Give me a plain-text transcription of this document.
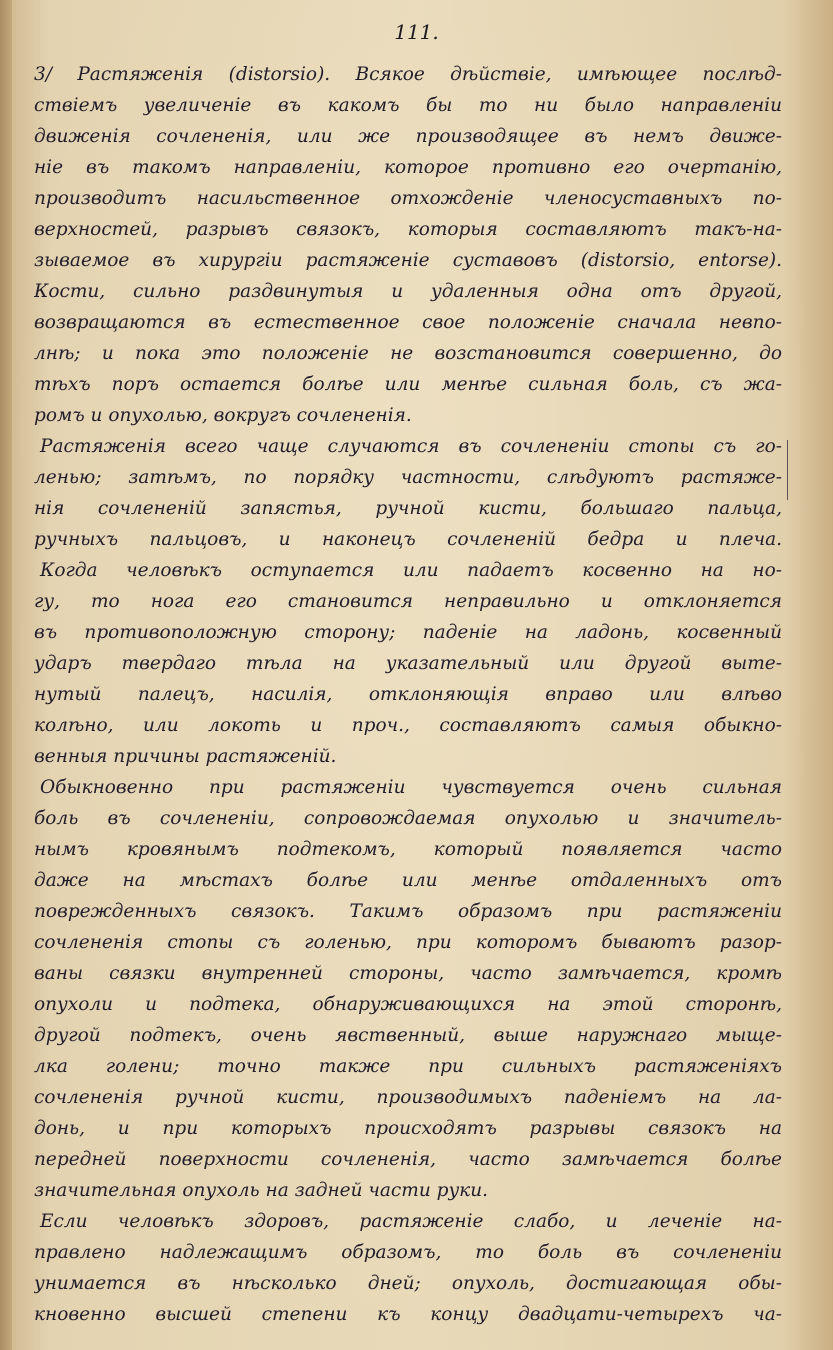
111.
3/ Растяженія (distorsio). Всякое дѣйствіе, имѣющее послѣд-
ствіемъ увеличеніе въ какомъ бы то ни было направленіи
движенія сочлененія, или же производящее въ немъ движе-
ніе въ такомъ направленіи, которое противно его очертанію,
производитъ насильственное отхожденіе членосуставныхъ по-
верхностей, разрывъ связокъ, которыя составляютъ такъ-на-
зываемое въ хирургіи растяженіе суставовъ (distorsio, entorse).
Кости, сильно раздвинутыя и удаленныя одна отъ другой,
возвращаются въ естественное свое положеніе сначала невпо-
лнѣ; и пока это положеніе не возстановится совершенно, до
тѣхъ поръ остается болѣе или менѣе сильная боль, съ жа-
ромъ и опухолью, вокругъ сочлененія.
Растяженія всего чаще случаются въ сочлененіи стопы съ го-
ленью; затѣмъ, по порядку частности, слѣдуютъ растяже-
нія сочлененій запястья, ручной кисти, большаго пальца,
ручныхъ пальцовъ, и наконецъ сочлененій бедра и плеча.
Когда человѣкъ оступается или падаетъ косвенно на но-
гу, то нога его становится неправильно и отклоняется
въ противоположную сторону; паденіе на ладонь, косвенный
ударъ твердаго тѣла на указательный или другой выте-
нутый палецъ, насилія, отклоняющія вправо или влѣво
колѣно, или локоть и проч., составляютъ самыя обыкно-
венныя причины растяженій.
Обыкновенно при растяженіи чувствуется очень сильная
боль въ сочлененіи, сопровождаемая опухолью и значитель-
нымъ кровянымъ подтекомъ, который появляется часто
даже на мѣстахъ болѣе или менѣе отдаленныхъ отъ
поврежденныхъ связокъ. Такимъ образомъ при растяженіи
сочлененія стопы съ голенью, при которомъ бываютъ разор-
ваны связки внутренней стороны, часто замѣчается, кромѣ
опухоли и подтека, обнаруживающихся на этой сторонѣ,
другой подтекъ, очень явственный, выше наружнаго мыще-
лка голени; точно также при сильныхъ растяженіяхъ
сочлененія ручной кисти, производимыхъ паденіемъ на ла-
донь, и при которыхъ происходятъ разрывы связокъ на
передней поверхности сочлененія, часто замѣчается болѣе
значительная опухоль на задней части руки.
Если человѣкъ здоровъ, растяженіе слабо, и леченіе на-
правлено надлежащимъ образомъ, то боль въ сочлененіи
унимается въ нѣсколько дней; опухоль, достигающая обы-
кновенно высшей степени къ концу двадцати-четырехъ ча-
